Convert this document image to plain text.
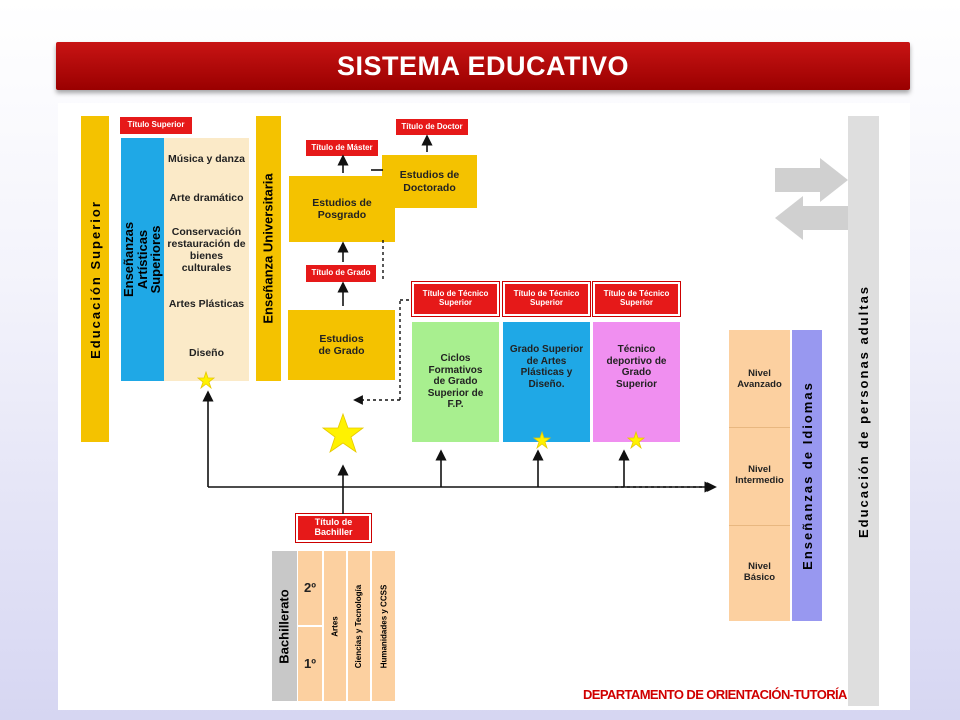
SISTEMA EDUCATIVO
Educación Superior
Título Superior
Enseñanzas Artísticas Superiores
Música y danza
Arte dramático
Conservación restauración de bienes culturales
Artes Plásticas
Diseño
Enseñanza Universitaria
Título de Máster
Título de Doctor
Estudios de Doctorado
Estudios de Posgrado
Título de Grado
Estudios de Grado
Título de Técnico Superior
Título de Técnico Superior
Título de Técnico Superior
Ciclos Formativos de Grado Superior de F.P.
Grado Superior de Artes Plásticas y Diseño.
Técnico deportivo de Grado Superior
Nivel Avanzado
Nivel Intermedio
Nivel Básico
Enseñanzas de Idiomas	Educación de personas adultas
Título de Bachiller
Bachillerato
2º
1º
Artes Ciencias y Tecnología Humanidades y CCSS
DEPARTAMENTO DE ORIENTACIÓN-TUTORÍA
